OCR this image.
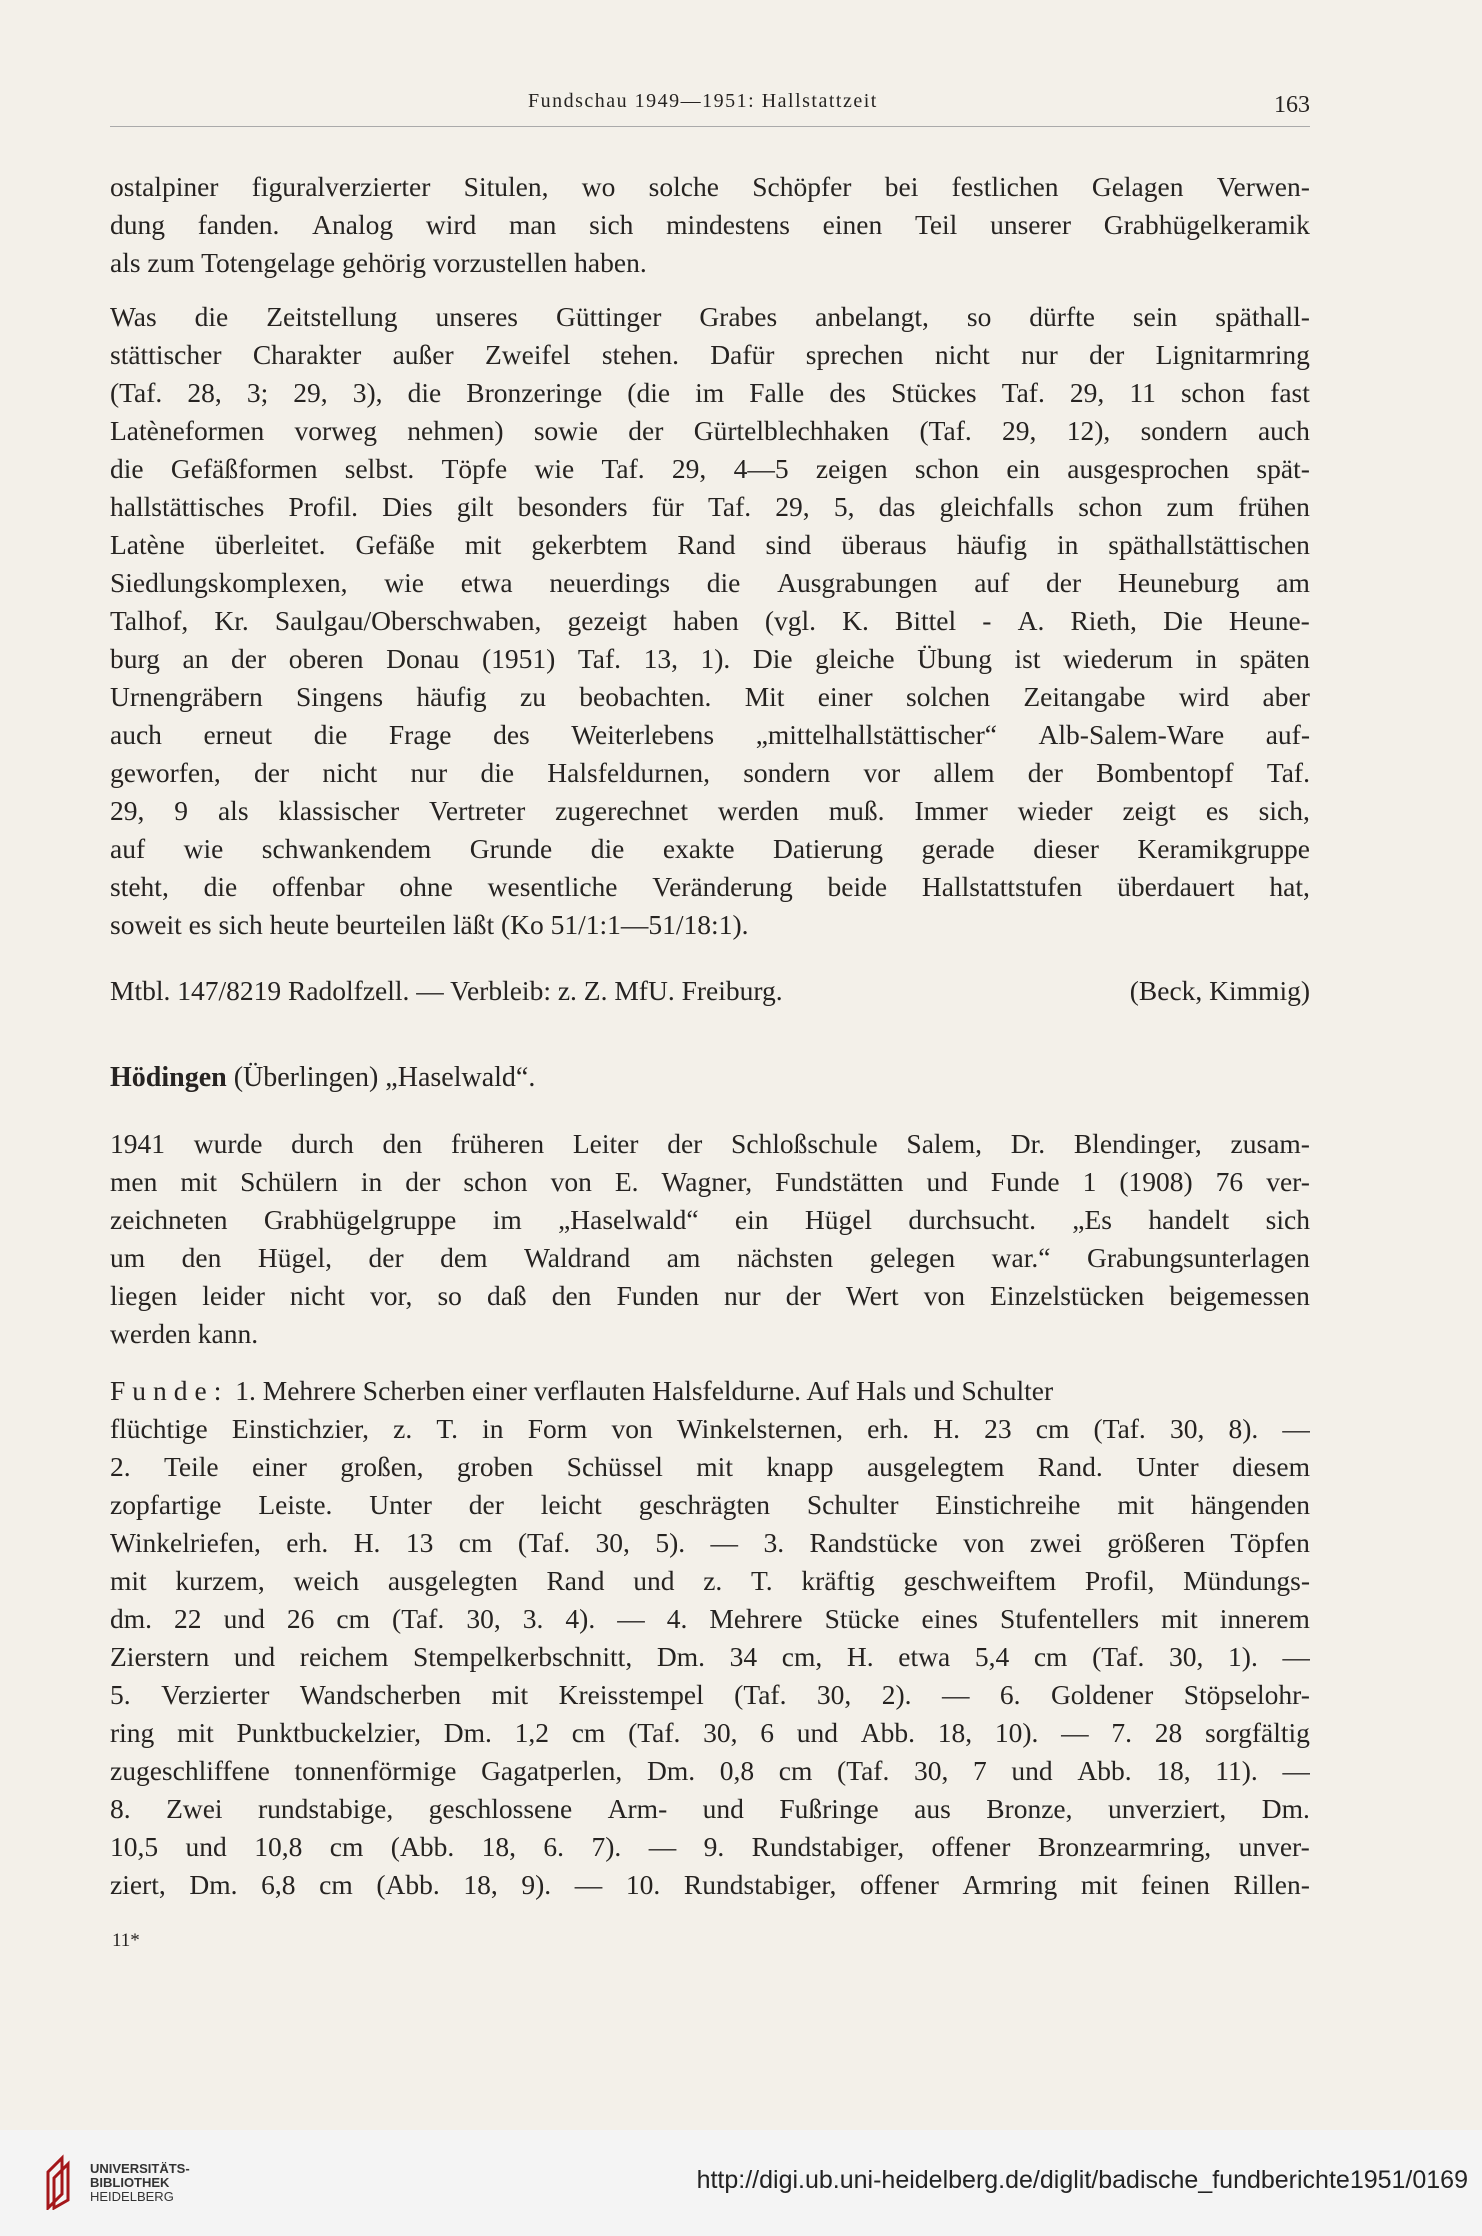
Fundschau 1949—1951: Hallstattzeit	163
ostalpiner figuralverzierter Situlen, wo solche Schöpfer bei festlichen Gelagen Verwen-
dung fanden. Analog wird man sich mindestens einen Teil unserer Grabhügelkeramik
als zum Totengelage gehörig vorzustellen haben.
Was die Zeitstellung unseres Güttinger Grabes anbelangt, so dürfte sein späthall-
stättischer Charakter außer Zweifel stehen. Dafür sprechen nicht nur der Lignitarmring
(Taf. 28, 3; 29, 3), die Bronzeringe (die im Falle des Stückes Taf. 29, 11 schon fast
Latèneformen vorweg nehmen) sowie der Gürtelblechhaken (Taf. 29, 12), sondern auch
die Gefäßformen selbst. Töpfe wie Taf. 29, 4—5 zeigen schon ein ausgesprochen spät-
hallstättisches Profil. Dies gilt besonders für Taf. 29, 5, das gleichfalls schon zum frühen
Latène überleitet. Gefäße mit gekerbtem Rand sind überaus häufig in späthallstättischen
Siedlungskomplexen, wie etwa neuerdings die Ausgrabungen auf der Heuneburg am
Talhof, Kr. Saulgau/Oberschwaben, gezeigt haben (vgl. K. Bittel - A. Rieth, Die Heune-
burg an der oberen Donau (1951) Taf. 13, 1). Die gleiche Übung ist wiederum in späten
Urnengräbern Singens häufig zu beobachten. Mit einer solchen Zeitangabe wird aber
auch erneut die Frage des Weiterlebens „mittelhallstättischer“ Alb-Salem-Ware auf-
geworfen, der nicht nur die Halsfeldurnen, sondern vor allem der Bombentopf Taf.
29, 9 als klassischer Vertreter zugerechnet werden muß. Immer wieder zeigt es sich,
auf wie schwankendem Grunde die exakte Datierung gerade dieser Keramikgruppe
steht, die offenbar ohne wesentliche Veränderung beide Hallstattstufen überdauert hat,
soweit es sich heute beurteilen läßt (Ko 51/1:1—51/18:1).
Mtbl. 147/8219 Radolfzell. — Verbleib: z. Z. MfU. Freiburg.	(Beck, Kimmig)
Hödingen (Überlingen) „Haselwald“.
1941 wurde durch den früheren Leiter der Schloßschule Salem, Dr. Blendinger, zusam-
men mit Schülern in der schon von E. Wagner, Fundstätten und Funde 1 (1908) 76 ver-
zeichneten Grabhügelgruppe im „Haselwald“ ein Hügel durchsucht. „Es handelt sich
um den Hügel, der dem Waldrand am nächsten gelegen war.“ Grabungsunterlagen
liegen leider nicht vor, so daß den Funden nur der Wert von Einzelstücken beigemessen
werden kann.
Funde: 1. Mehrere Scherben einer verflauten Halsfeldurne. Auf Hals und Schulter
flüchtige Einstichzier, z. T. in Form von Winkelsternen, erh. H. 23 cm (Taf. 30, 8). —
2. Teile einer großen, groben Schüssel mit knapp ausgelegtem Rand. Unter diesem
zopfartige Leiste. Unter der leicht geschrägten Schulter Einstichreihe mit hängenden
Winkelriefen, erh. H. 13 cm (Taf. 30, 5). — 3. Randstücke von zwei größeren Töpfen
mit kurzem, weich ausgelegten Rand und z. T. kräftig geschweiftem Profil, Mündungs-
dm. 22 und 26 cm (Taf. 30, 3. 4). — 4. Mehrere Stücke eines Stufentellers mit innerem
Zierstern und reichem Stempelkerbschnitt, Dm. 34 cm, H. etwa 5,4 cm (Taf. 30, 1). —
5. Verzierter Wandscherben mit Kreisstempel (Taf. 30, 2). — 6. Goldener Stöpselohr-
ring mit Punktbuckelzier, Dm. 1,2 cm (Taf. 30, 6 und Abb. 18, 10). — 7. 28 sorgfältig
zugeschliffene tonnenförmige Gagatperlen, Dm. 0,8 cm (Taf. 30, 7 und Abb. 18, 11). —
8. Zwei rundstabige, geschlossene Arm- und Fußringe aus Bronze, unverziert, Dm.
10,5 und 10,8 cm (Abb. 18, 6. 7). — 9. Rundstabiger, offener Bronzearmring, unver-
ziert, Dm. 6,8 cm (Abb. 18, 9). — 10. Rundstabiger, offener Armring mit feinen Rillen-
11*
UNIVERSITÄTS-
BIBLIOTHEK
HEIDELBERG
http://digi.ub.uni-heidelberg.de/diglit/badische_fundberichte1951/0169
